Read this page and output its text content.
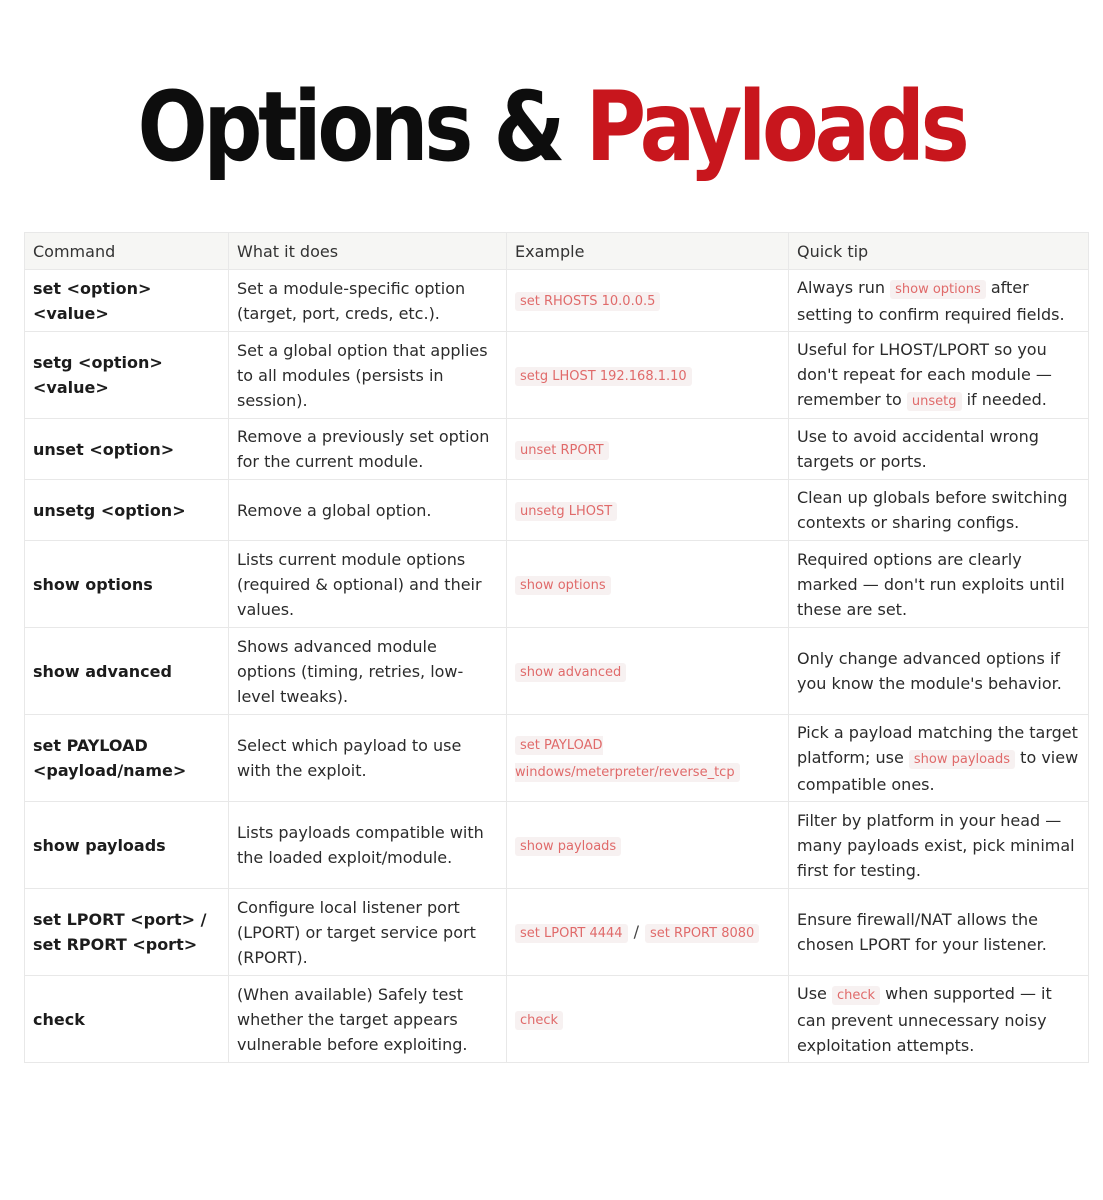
Options & Payloads
Command	What it does	Example	Quick tip
set <option> <value>	Set a module-specific option (target, port, creds, etc.).	set RHOSTS 10.0.0.5	Always run show options after setting to confirm required fields.
setg <option> <value>	Set a global option that applies to all modules (persists in session).	setg LHOST 192.168.1.10	Useful for LHOST/LPORT so you don't repeat for each module — remember to unsetg if needed.
unset <option>	Remove a previously set option for the current module.	unset RPORT	Use to avoid accidental wrong targets or ports.
unsetg <option>	Remove a global option.	unsetg LHOST	Clean up globals before switching contexts or sharing configs.
show options	Lists current module options (required & optional) and their values.	show options	Required options are clearly marked — don't run exploits until these are set.
show advanced	Shows advanced module options (timing, retries, low-level tweaks).	show advanced	Only change advanced options if you know the module's behavior.
set PAYLOAD <payload/name>	Select which payload to use with the exploit.	set PAYLOAD windows/meterpreter/reverse_tcp	Pick a payload matching the target platform; use show payloads to view compatible ones.
show payloads	Lists payloads compatible with the loaded exploit/module.	show payloads	Filter by platform in your head — many payloads exist, pick minimal first for testing.
set LPORT <port> /
set RPORT <port>	Configure local listener port (LPORT) or target service port (RPORT).	set LPORT 4444 / set RPORT 8080	Ensure firewall/NAT allows the chosen LPORT for your listener.
check	(When available) Safely test whether the target appears vulnerable before exploiting.	check	Use check when supported — it can prevent unnecessary noisy exploitation attempts.
